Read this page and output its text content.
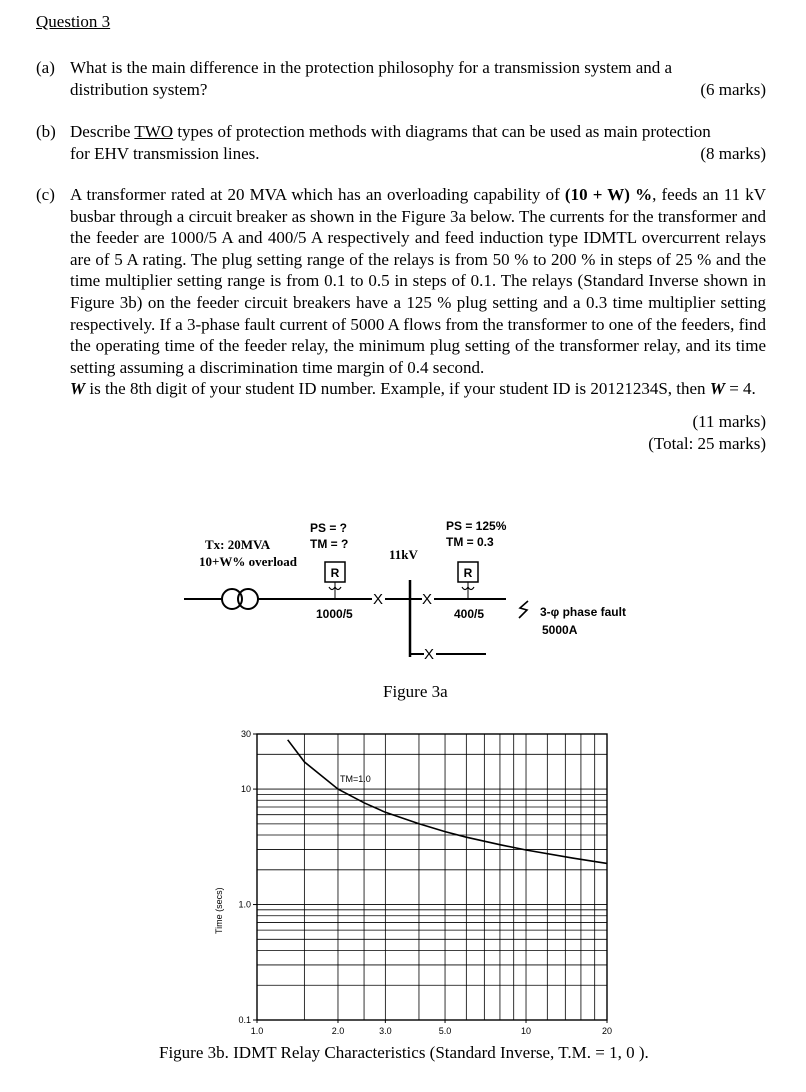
Question 3
(a) What is the main difference in the protection philosophy for a transmission system and a
distribution system?	(6 marks)
(b) Describe TWO types of protection methods with diagrams that can be used as main protection
for EHV transmission lines.	(8 marks)
(c) A transformer rated at 20 MVA which has an overloading capability of (10 + W) %, feeds an 11 kV busbar through a circuit breaker as shown in the Figure 3a below. The currents for the transformer and the feeder are 1000/5 A and 400/5 A respectively and feed induction type IDMTL overcurrent relays are of 5 A rating. The plug setting range of the relays is from 50 % to 200 % in steps of 25 % and the time multiplier setting range is from 0.1 to 0.5 in steps of 0.1. The relays (Standard Inverse shown in Figure 3b) on the feeder circuit breakers have a 125 % plug setting and a 0.3 time multiplier setting respectively. If a 3-phase fault current of 5000 A flows from the transformer to one of the feeders, find the operating time of the feeder relay, the minimum plug setting of the transformer relay, and its time setting assuming a discrimination time margin of 0.4 second.
W is the 8th digit of your student ID number. Example, if your student ID is 20121234S, then W = 4.
(11 marks)
(Total: 25 marks)
PS = ?
TM = ?
PS = 125%
TM = 0.3
Tx: 20MVA
10+W% overload	11kV
X	X
X
R
1000/5
R
400/5	3-φ phase fault
5000A
Figure 3a
1.0	2.0	3.0	5.0	10	20
30
10
1.0
0.1
TM=1.0
Time (secs)
Figure 3b. IDMT Relay Characteristics (Standard Inverse, T.M. = 1, 0 ).
